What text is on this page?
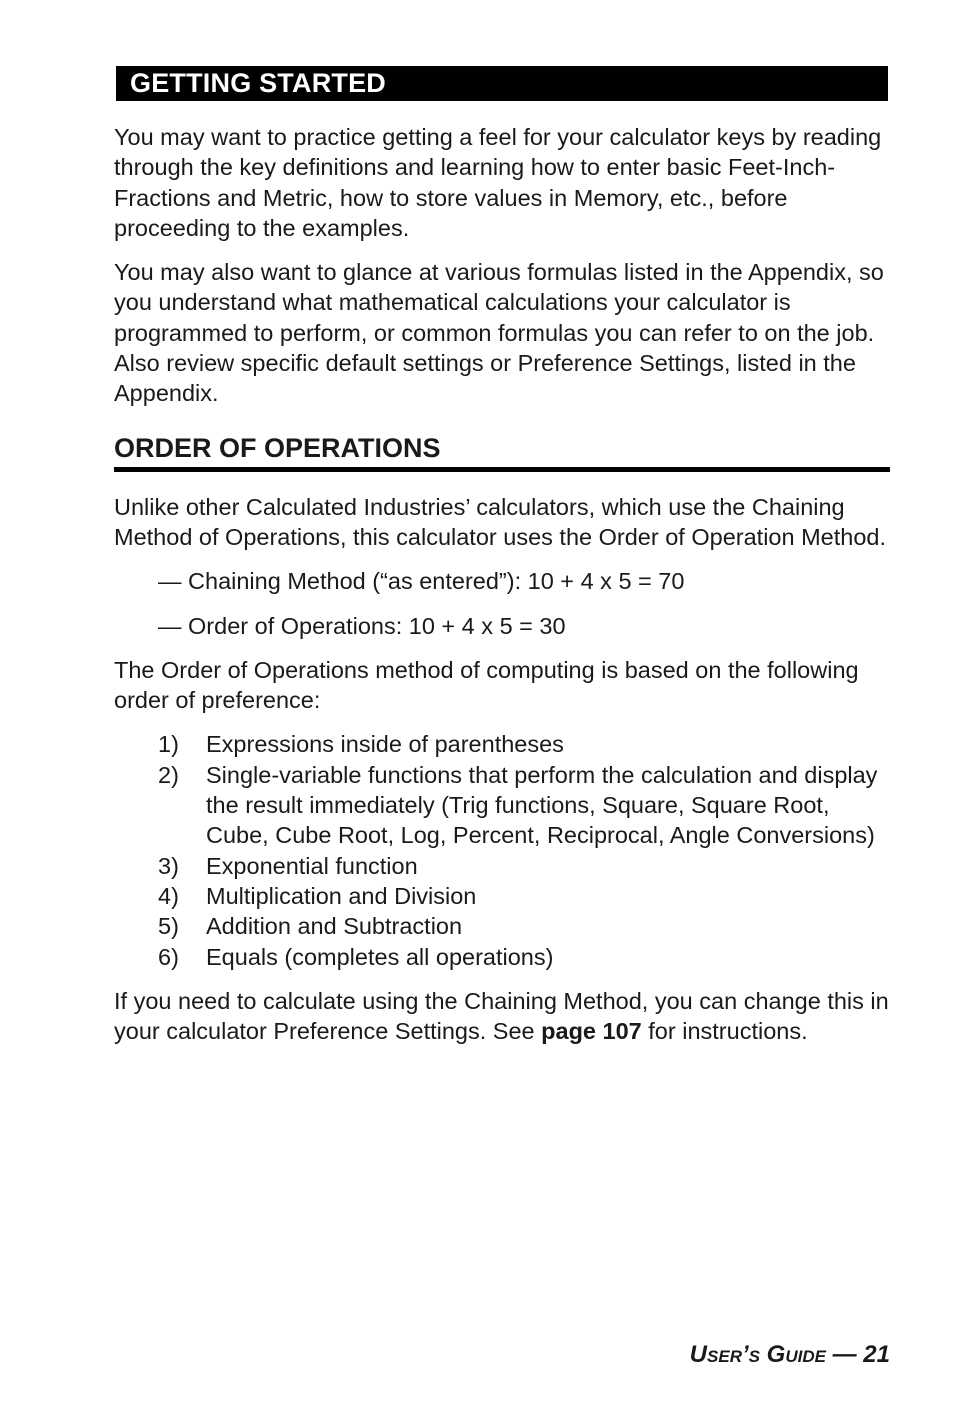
GETTING STARTED

You may want to practice getting a feel for your calculator keys by reading through the key definitions and learning how to enter basic Feet-Inch-Fractions and Metric, how to store values in Memory, etc., before proceeding to the examples.

You may also want to glance at various formulas listed in the Appendix, so you understand what mathematical calculations your calculator is programmed to perform, or common formulas you can refer to on the job. Also review specific default settings or Preference Settings, listed in the Appendix.

ORDER OF OPERATIONS

Unlike other Calculated Industries’ calculators, which use the Chaining Method of Operations, this calculator uses the Order of Operation Method.

— Chaining Method (“as entered”): 10 + 4 x 5 = 70

— Order of Operations: 10 + 4 x 5 = 30

The Order of Operations method of computing is based on the following order of preference:

1)	Expressions inside of parentheses
2)	Single-variable functions that perform the calculation and display the result immediately (Trig functions, Square, Square Root, Cube, Cube Root, Log, Percent, Reciprocal, Angle Conversions)
3)	Exponential function
4)	Multiplication and Division
5)	Addition and Subtraction
6)	Equals (completes all operations)

If you need to calculate using the Chaining Method, you can change this in your calculator Preference Settings. See page 107 for instructions.

USER’S GUIDE — 21
